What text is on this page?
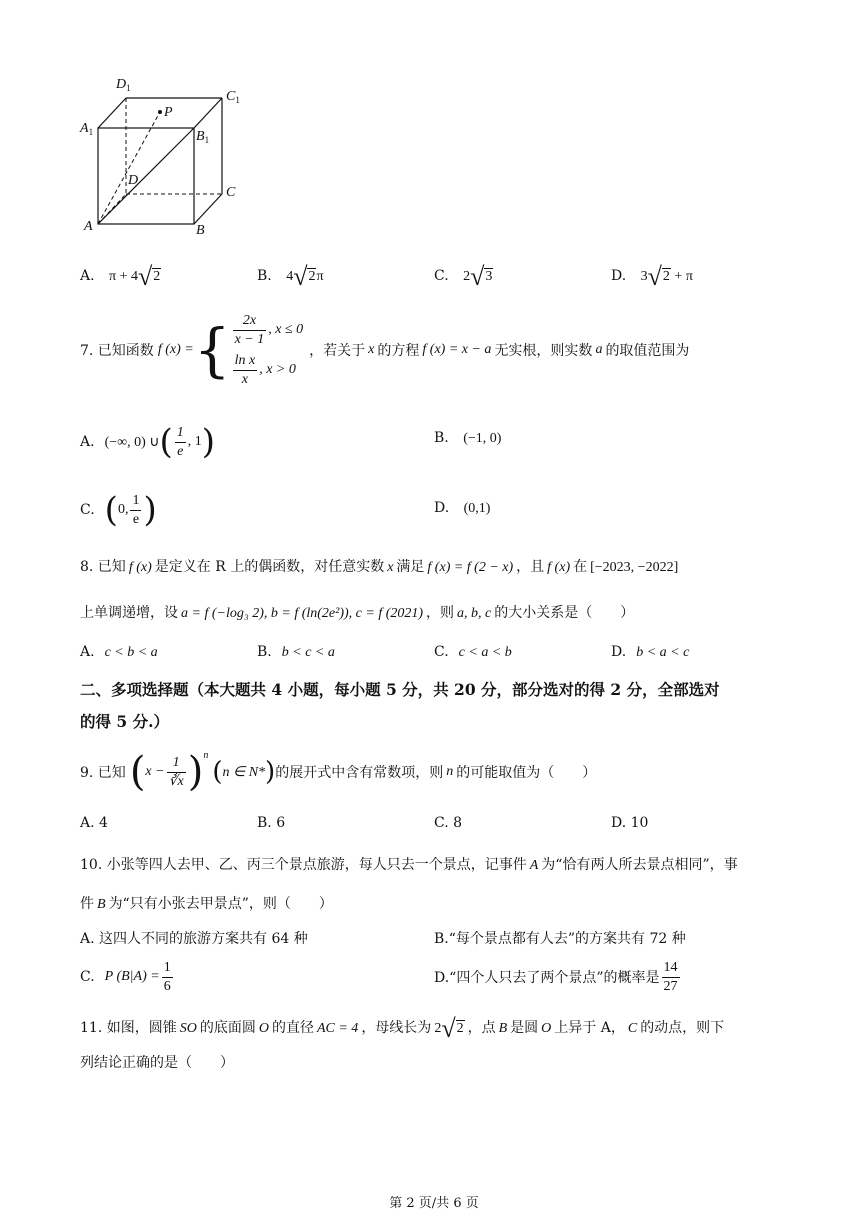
$D_1$
$C_1$
$A_1$	$B_1$
P
D
C
A	B
A. π + 4√2	B. 4√2π	C. 2√3	D. 3√2 + π
7. 已知函数 f (x) = { $\frac{2x}{x - 1}$ , x ≤ 0
$\frac{\text{ln x}}{x}$ , x > 0
，若关于 x 的方程 f (x) = x − a 无实根，则实数 a 的取值范围为
A. (−∞, 0) ∪ ( $\frac{1}{e}$ , 1 )	B. (−1, 0)
C. ( 0, $\frac{1}{e}$ )	D. (0,1)
8. 已知 f (x) 是定义在 R 上的偶函数，对任意实数 x 满足 f (x) = f (2 − x) ，且 f (x) 在 [−2023, −2022]
上单调递增，设 a = f (−log₃ 2), b = f (ln(2e²)), c = f (2021) ，则 a, b, c 的大小关系是（　　）
A. c < b < a	B. b < c < a	C. c < a < b	D. b < a < c
二、多项选择题（本大题共 4 小题，每小题 5 分，共 20 分，部分选对的得 2 分，全部选对
的得 5 分.）
9. 已知 ( $x - \frac{1}{∛x}$ ) n
( n ∈ N* ) 的展开式中含有常数项，则 n 的可能取值为（　　）
A. 4	B. 6	C. 8	D. 10
10. 小张等四人去甲、乙、丙三个景点旅游，每人只去一个景点，记事件 A 为“恰有两人所去景点相同”，事
件 B 为“只有小张去甲景点”，则（　　）
A. 这四人不同的旅游方案共有 64 种	B.“每个景点都有人去”的方案共有 72 种
C. P $(B|A) = \frac{1}{6}$	D.“四个人只去了两个景点”的概率是 $\frac{14}{27}$
11. 如图，圆锥 SO 的底面圆 O 的直径 AC = 4 ，母线长为 2√2 ，点 B 是圆 O 上异于 A， C 的动点，则下
列结论正确的是（　　）
第 2 页/共 6 页
